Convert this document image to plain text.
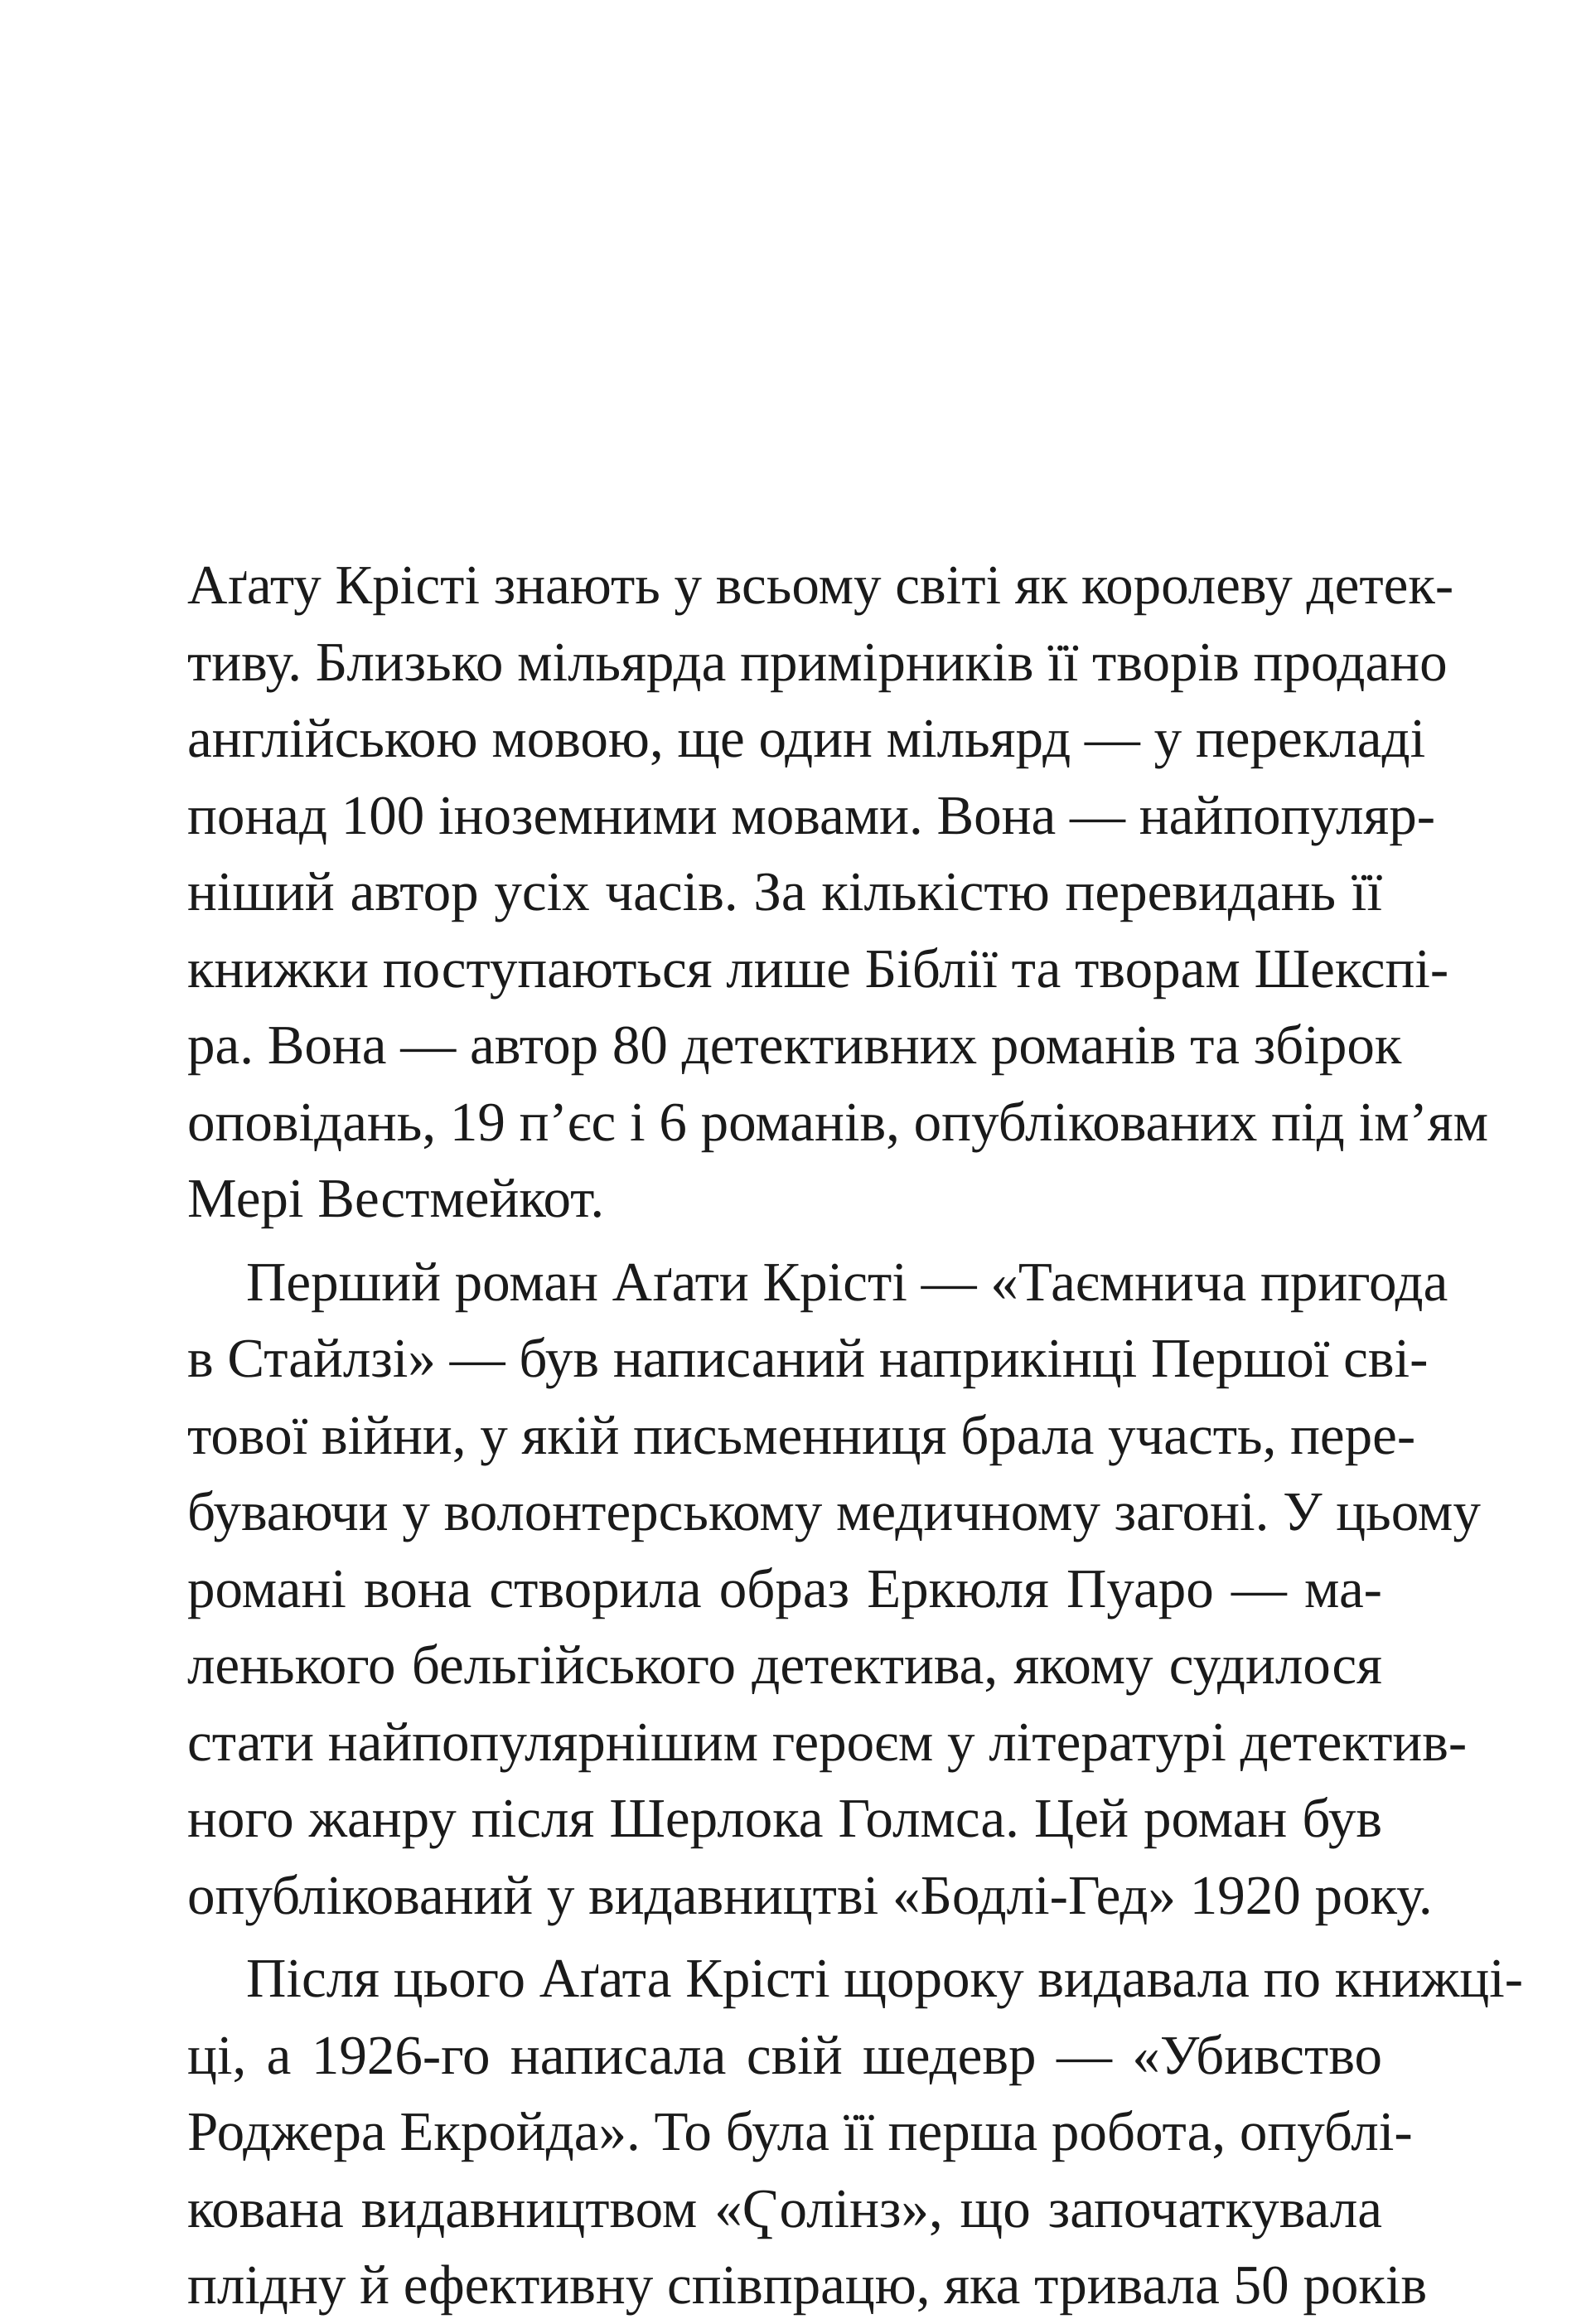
Аґату Крісті знають у всьому світі як королеву детек-
тиву. Близько мільярда примірників її творів продано
англійською мовою, ще один мільярд — у перекладі
понад 100 іноземними мовами. Вона — найпопуляр-
ніший автор усіх часів. За кількістю перевидань її
книжки поступаються лише Біблії та творам Шекспі-
ра. Вона — автор 80 детективних романів та збірок
оповідань, 19 п’єс і 6 романів, опублікованих під ім’ям
Мері Вестмейкот.
Перший роман Аґати Крісті — «Таємнича пригода
в Стайлзі» — був написаний наприкінці Першої сві-
тової війни, у якій письменниця брала участь, пере-
буваючи у волонтерському медичному загоні. У цьому
романі вона створила образ Еркюля Пуаро — ма-
ленького бельгійського детектива, якому судилося
стати найпопулярнішим героєм у літературі детектив-
ного жанру після Шерлока Голмса. Цей роман був
опублікований у видавництві «Бодлі-Гед» 1920 року.
Після цього Аґата Крісті щороку видавала по книжці-
ці, а 1926-го написала свій шедевр — «Убивство
Роджера Екройда». То була її перша робота, опублі-
кована видавництвом «Ҁолінз», що започаткувала
плідну й ефективну співпрацю, яка тривала 50 років
